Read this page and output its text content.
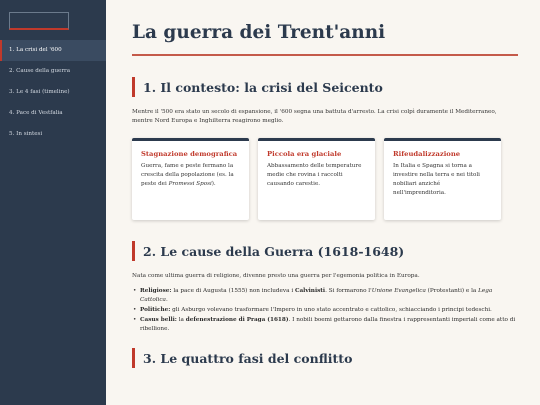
1. La crisi del '600
2. Cause della guerra
3. Le 4 fasi (timeline)
4. Pace di Vestfalia
5. In sintesi
La guerra dei Trent'anni
1. Il contesto: la crisi del Seicento

Mentre il '500 era stato un secolo di espansione, il '600 segna una battuta d'arresto. La crisi colpì duramente il Mediterraneo, mentre Nord Europa e Inghilterra reagirono meglio.

Stagnazione demografica
Guerra, fame e peste fermano la crescita della popolazione (es. la peste dei Promessi Sposi).
Piccola era glaciale
Abbassamento delle temperature medie che rovina i raccolti causando carestie.
Rifeudalizzazione
In Italia e Spagna si torna a investire nella terra e nei titoli nobiliari anziché nell'imprenditoria.
2. Le cause della Guerra (1618-1648)

Nata come ultima guerra di religione, divenne presto una guerra per l'egemonia politica in Europa.

• Religiose: la pace di Augusta (1555) non includeva i Calvinisti. Si formarono l'Unione Evangelica (Protestanti) e la Lega Cattolica.
• Politiche: gli Asburgo volevano trasformare l'Impero in uno stato accentrato e cattolico, schiacciando i principi tedeschi.
• Casus belli: la defenestrazione di Praga (1618). I nobili boemi gettarono dalla finestra i rappresentanti imperiali come atto di ribellione.
3. Le quattro fasi del conflitto
